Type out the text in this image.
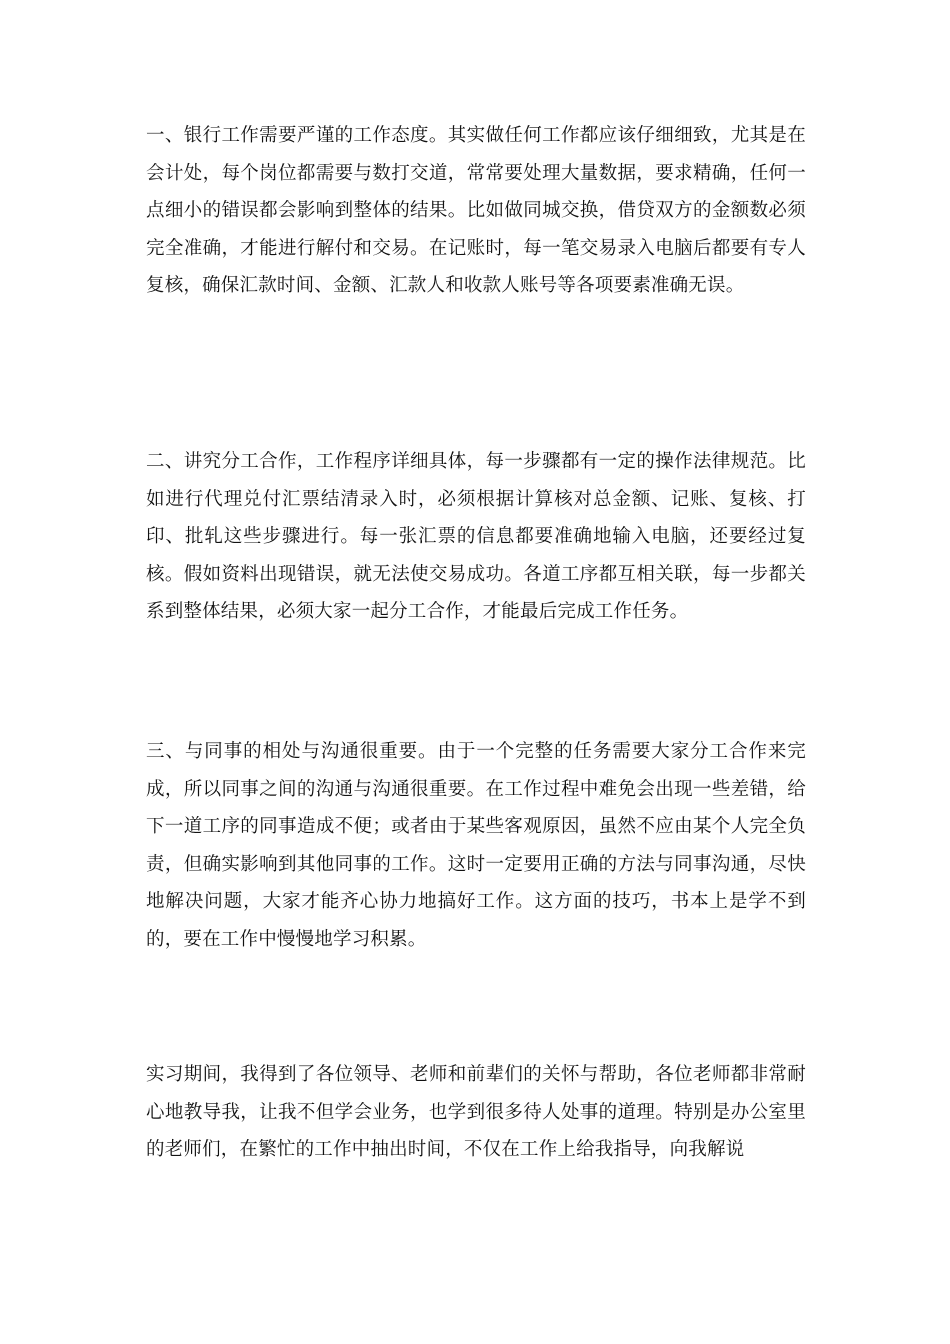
一、银行工作需要严谨的工作态度。其实做任何工作都应该仔细细致，尤其是在会计处，每个岗位都需要与数打交道，常常要处理大量数据，要求精确，任何一点细小的错误都会影响到整体的结果。比如做同城交换，借贷双方的金额数必须完全准确，才能进行解付和交易。在记账时，每一笔交易录入电脑后都要有专人复核，确保汇款时间、金额、汇款人和收款人账号等各项要素准确无误。

二、讲究分工合作，工作程序详细具体，每一步骤都有一定的操作法律规范。比如进行代理兑付汇票结清录入时，必须根据计算核对总金额、记账、复核、打印、批轧这些步骤进行。每一张汇票的信息都要准确地输入电脑，还要经过复核。假如资料出现错误，就无法使交易成功。各道工序都互相关联，每一步都关系到整体结果，必须大家一起分工合作，才能最后完成工作任务。

三、与同事的相处与沟通很重要。由于一个完整的任务需要大家分工合作来完成，所以同事之间的沟通与沟通很重要。在工作过程中难免会出现一些差错，给下一道工序的同事造成不便；或者由于某些客观原因，虽然不应由某个人完全负责，但确实影响到其他同事的工作。这时一定要用正确的方法与同事沟通，尽快地解决问题，大家才能齐心协力地搞好工作。这方面的技巧，书本上是学不到的，要在工作中慢慢地学习积累。

实习期间，我得到了各位领导、老师和前辈们的关怀与帮助，各位老师都非常耐心地教导我，让我不但学会业务，也学到很多待人处事的道理。特别是办公室里的老师们，在繁忙的工作中抽出时间，不仅在工作上给我指导，向我解说
